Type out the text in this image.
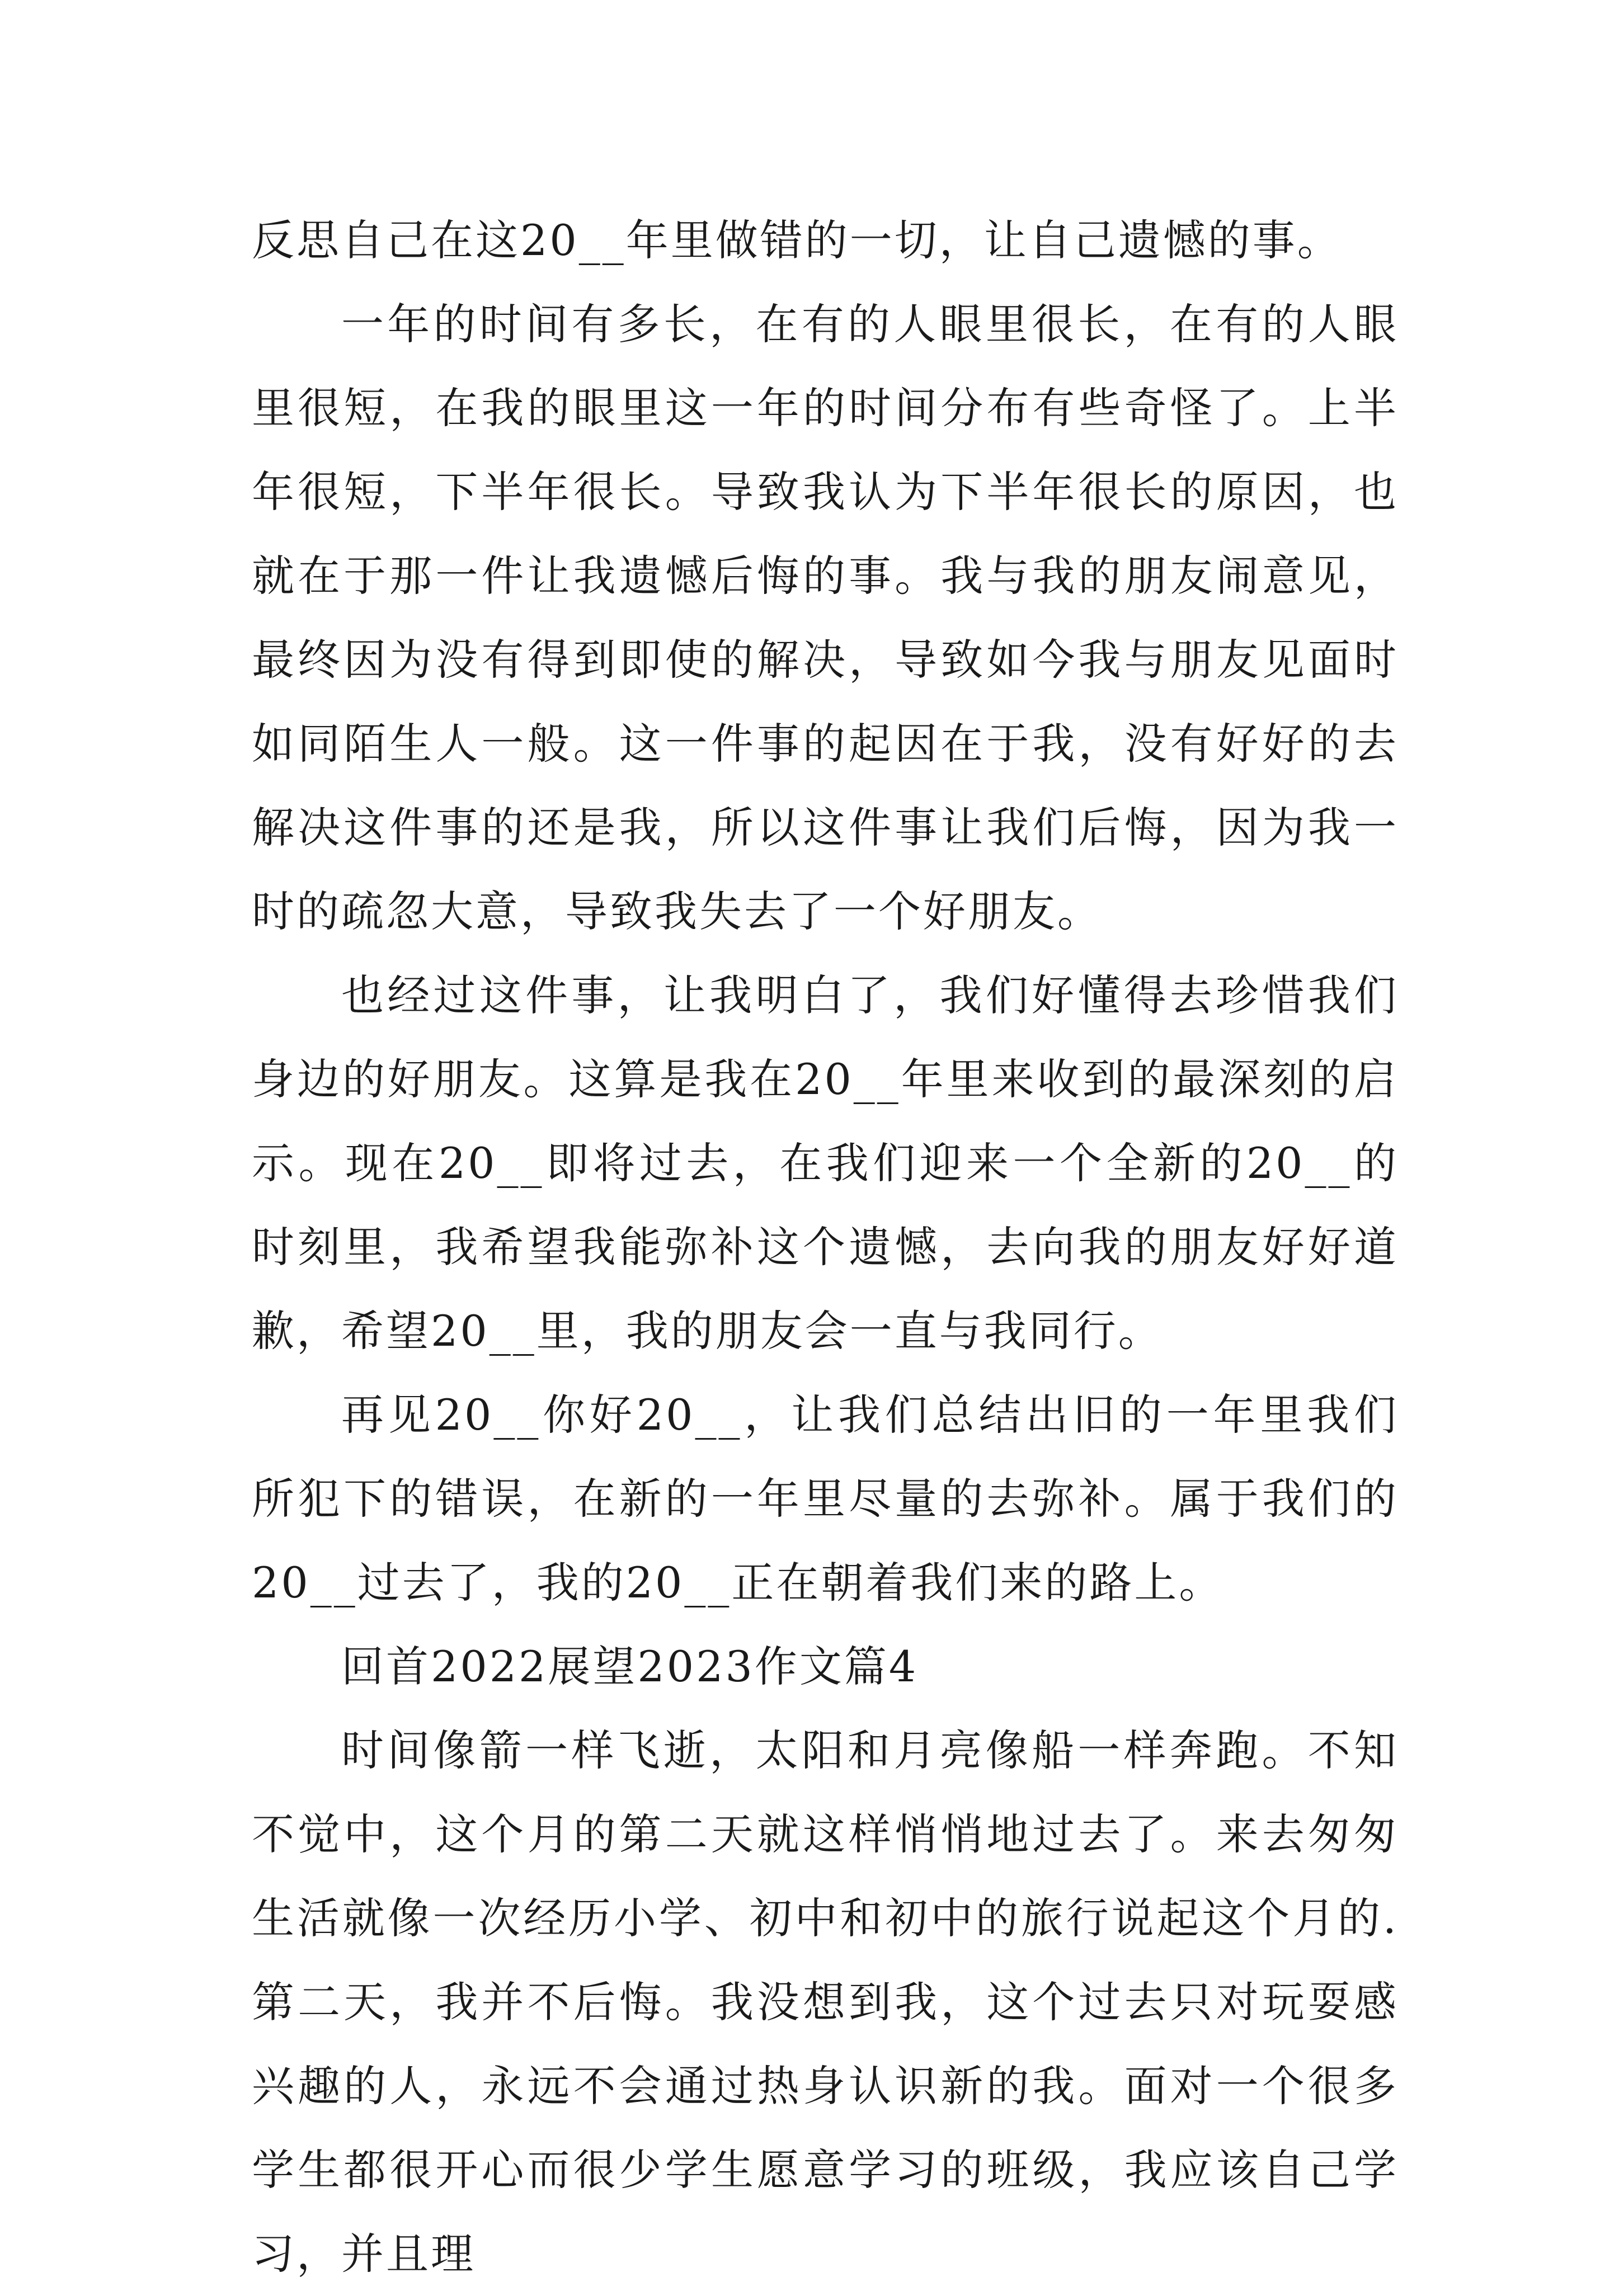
反思自己在这20__年里做错的一切，让自己遗憾的事。

一年的时间有多长，在有的人眼里很长，在有的人眼里很短，在我的眼里这一年的时间分布有些奇怪了。上半年很短，下半年很长。导致我认为下半年很长的原因，也就在于那一件让我遗憾后悔的事。我与我的朋友闹意见，最终因为没有得到即使的解决，导致如今我与朋友见面时如同陌生人一般。这一件事的起因在于我，没有好好的去解决这件事的还是我，所以这件事让我们后悔，因为我一时的疏忽大意，导致我失去了一个好朋友。

也经过这件事，让我明白了，我们好懂得去珍惜我们身边的好朋友。这算是我在20__年里来收到的最深刻的启示。现在20__即将过去，在我们迎来一个全新的20__的时刻里，我希望我能弥补这个遗憾，去向我的朋友好好道歉，希望20__里，我的朋友会一直与我同行。

再见20__你好20__，让我们总结出旧的一年里我们所犯下的错误，在新的一年里尽量的去弥补。属于我们的20__过去了，我的20__正在朝着我们来的路上。

回首2022展望2023作文篇4

时间像箭一样飞逝，太阳和月亮像船一样奔跑。不知不觉中，这个月的第二天就这样悄悄地过去了。来去匆匆生活就像一次经历小学、初中和初中的旅行说起这个月的.第二天，我并不后悔。我没想到我，这个过去只对玩耍感兴趣的人，永远不会通过热身认识新的我。面对一个很多学生都很开心而很少学生愿意学习的班级，我应该自己学习，并且理
